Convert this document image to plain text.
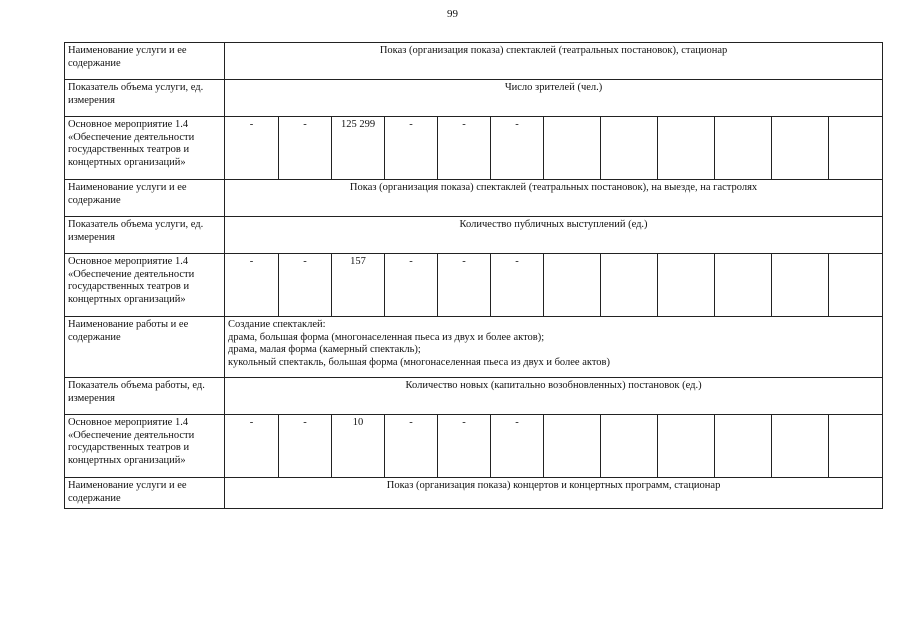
99
Наименование услуги и ее содержание	Показ (организация показа) спектаклей (театральных постановок), стационар											
Показатель объема услуги, ед. измерения	Число зрителей (чел.)											
Основное мероприятие 1.4 «Обеспечение деятельности государственных театров и концертных организаций»	-	-	125 299	-	-	-						
Наименование услуги и ее содержание	Показ (организация показа) спектаклей (театральных постановок), на выезде, на гастролях											
Показатель объема услуги, ед. измерения	Количество публичных выступлений (ед.)											
Основное мероприятие 1.4 «Обеспечение деятельности государственных театров и концертных организаций»	-	-	157	-	-	-						
Наименование работы и ее содержание	Создание спектаклей:
драма, большая форма (многонаселенная пьеса из двух и более актов);
драма, малая форма (камерный спектакль);
кукольный спектакль, большая форма (многонаселенная пьеса из двух и более актов)											

Показатель объема работы, ед. измерения	Количество новых (капитально возобновленных) постановок (ед.)											
Основное мероприятие 1.4 «Обеспечение деятельности государственных театров и концертных организаций»	-	-	10	-	-	-						
Наименование услуги и ее содержание	Показ (организация показа) концертов и концертных программ, стационар											
